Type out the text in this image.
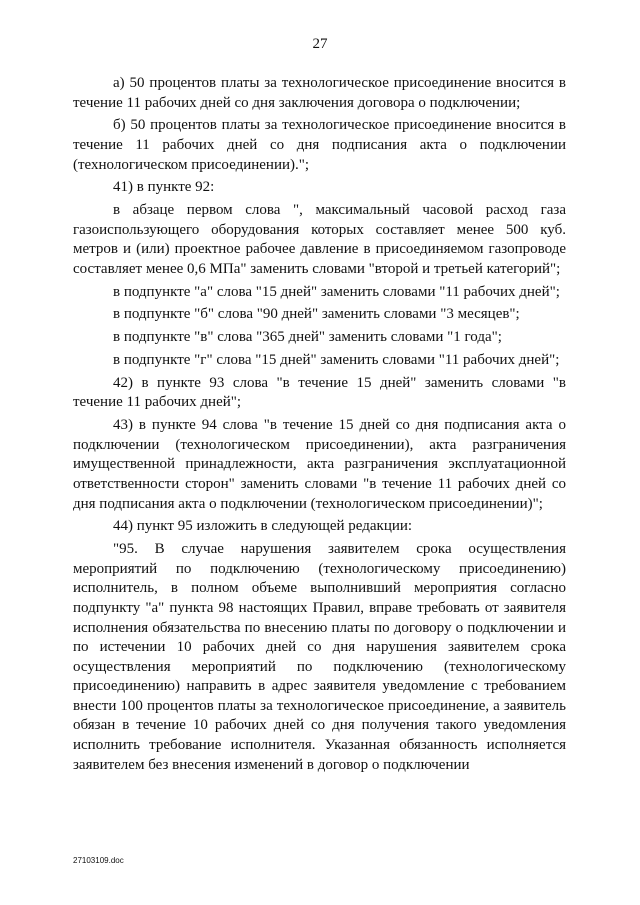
27

а) 50 процентов платы за технологическое присоединение вносится в течение 11 рабочих дней со дня заключения договора о подключении;

б) 50 процентов платы за технологическое присоединение вносится в течение 11 рабочих дней со дня подписания акта о подключении (технологическом присоединении).";

41) в пункте 92:

в абзаце первом слова ", максимальный часовой расход газа газоиспользующего оборудования которых составляет менее 500 куб. метров и (или) проектное рабочее давление в присоединяемом газопроводе составляет менее 0,6 МПа" заменить словами "второй и третьей категорий";

в подпункте "а" слова "15 дней" заменить словами "11 рабочих дней";

в подпункте "б" слова "90 дней" заменить словами "3 месяцев";

в подпункте "в" слова "365 дней" заменить словами "1 года";

в подпункте "г" слова "15 дней" заменить словами "11 рабочих дней";

42) в пункте 93 слова "в течение 15 дней" заменить словами "в течение 11 рабочих дней";

43) в пункте 94 слова "в течение 15 дней со дня подписания акта о подключении (технологическом присоединении), акта разграничения имущественной принадлежности, акта разграничения эксплуатационной ответственности сторон" заменить словами "в течение 11 рабочих дней со дня подписания акта о подключении (технологическом присоединении)";

44) пункт 95 изложить в следующей редакции:

"95. В случае нарушения заявителем срока осуществления мероприятий по подключению (технологическому присоединению) исполнитель, в полном объеме выполнивший мероприятия согласно подпункту "а" пункта 98 настоящих Правил, вправе требовать от заявителя исполнения обязательства по внесению платы по договору о подключении и по истечении 10 рабочих дней со дня нарушения заявителем срока осуществления мероприятий по подключению (технологическому присоединению) направить в адрес заявителя уведомление с требованием внести 100 процентов платы за технологическое присоединение, а заявитель обязан в течение 10 рабочих дней со дня получения такого уведомления исполнить требование исполнителя. Указанная обязанность исполняется заявителем без внесения изменений в договор о подключении

27103109.doc
